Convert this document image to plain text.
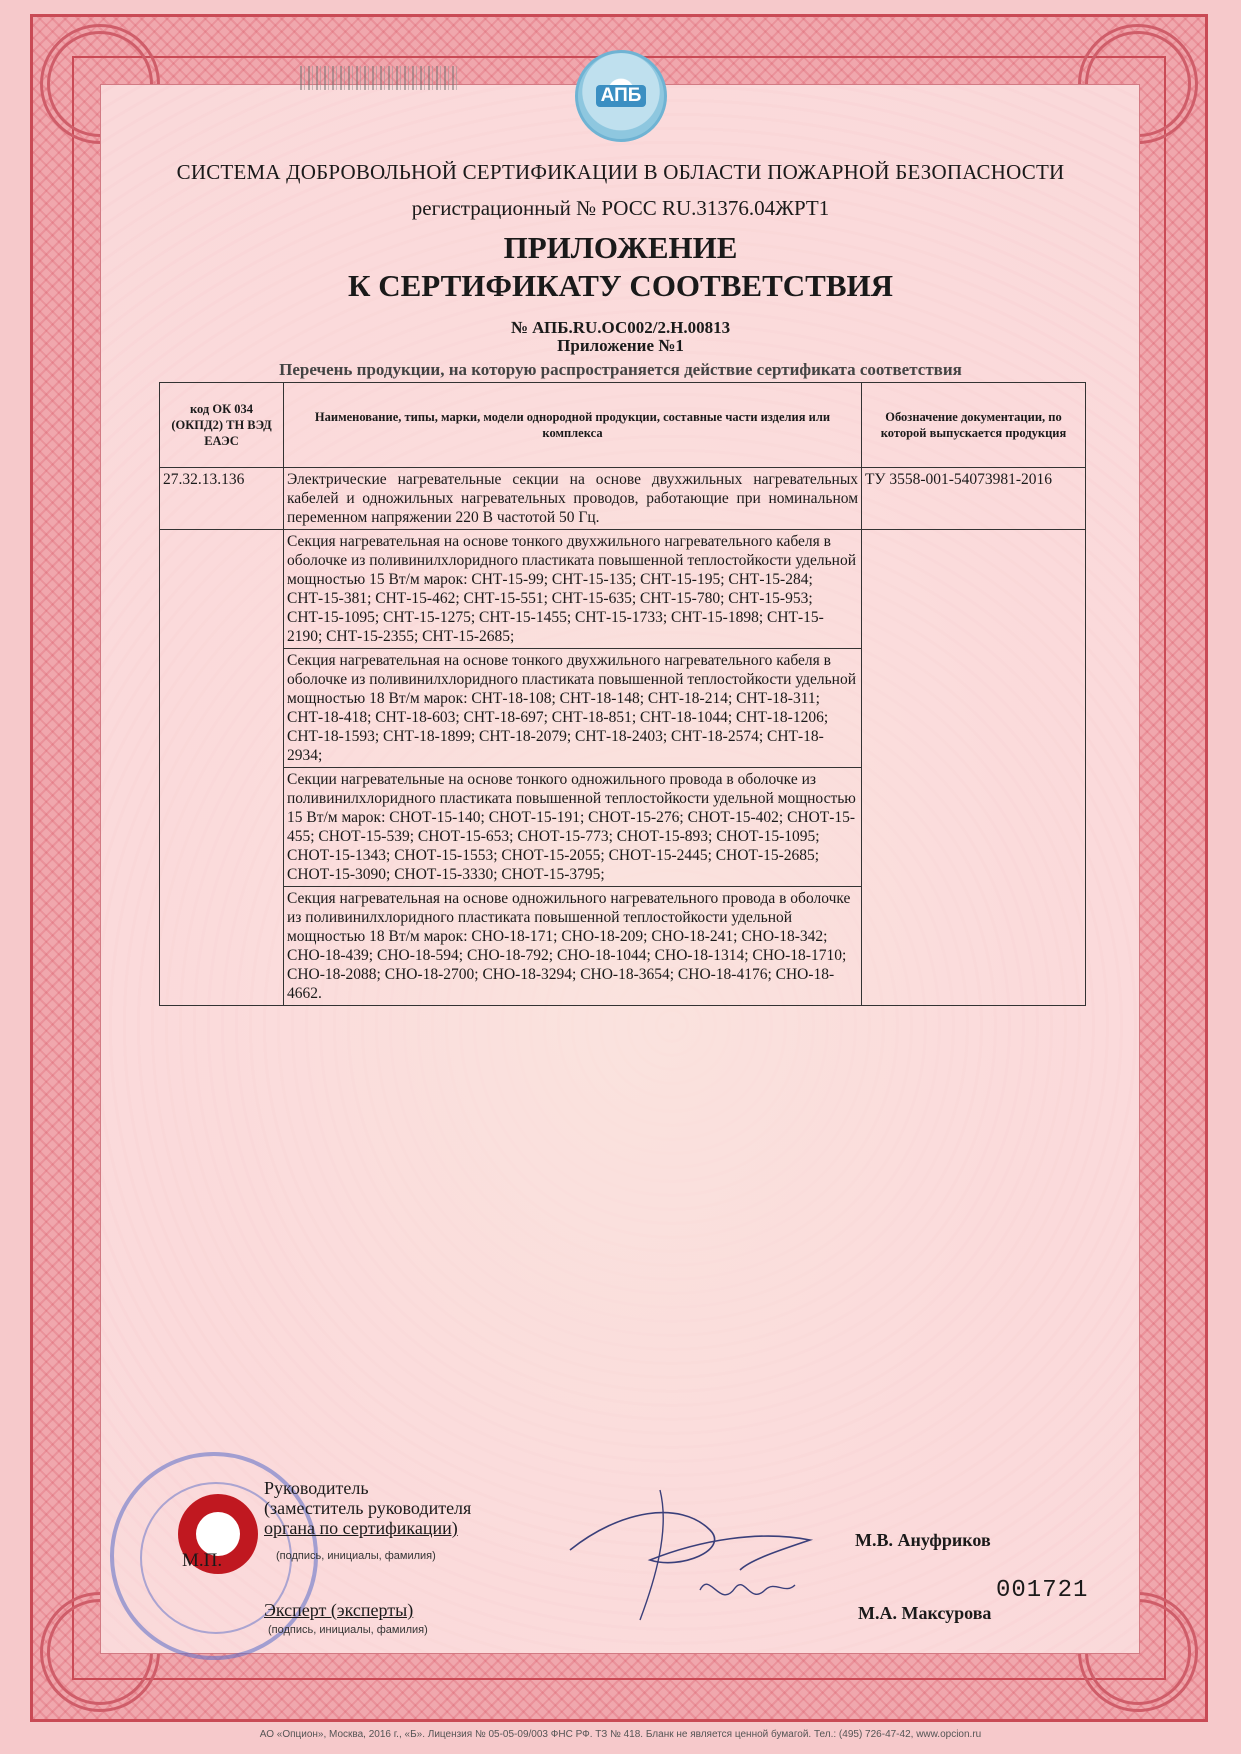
АПБ

СИСТЕМА ДОБРОВОЛЬНОЙ СЕРТИФИКАЦИИ В ОБЛАСТИ ПОЖАРНОЙ БЕЗОПАСНОСТИ

регистрационный № РОСС RU.31376.04ЖРТ1

ПРИЛОЖЕНИЕ

К СЕРТИФИКАТУ СООТВЕТСТВИЯ

№ АПБ.RU.ОС002/2.Н.00813

Приложение №1

Перечень продукции, на которую распространяется действие сертификата соответствия

код ОК 034 (ОКПД2) ТН ВЭД ЕАЭС	Наименование, типы, марки, модели однородной продукции, составные части изделия или комплекса	Обозначение документации, по которой выпускается продукция
27.32.13.136	Электрические нагревательные секции на основе двухжильных нагревательных кабелей и одножильных нагревательных проводов, работающие при номинальном переменном напряжении 220 В частотой 50 Гц.	ТУ 3558-001-54073981-2016
	Секция нагревательная на основе тонкого двухжильного нагревательного кабеля в оболочке из поливинилхлоридного пластиката повышенной теплостойкости удельной мощностью 15 Вт/м марок: СНТ-15-99; СНТ-15-135; СНТ-15-195; СНТ-15-284; СНТ-15-381; СНТ-15-462; СНТ-15-551; СНТ-15-635; СНТ-15-780; СНТ-15-953; СНТ-15-1095; СНТ-15-1275; СНТ-15-1455; СНТ-15-1733; СНТ-15-1898; СНТ-15-2190; СНТ-15-2355; СНТ-15-2685;	
	Секция нагревательная на основе тонкого двухжильного нагревательного кабеля в оболочке из поливинилхлоридного пластиката повышенной теплостойкости удельной мощностью 18 Вт/м марок: СНТ-18-108; СНТ-18-148; СНТ-18-214; СНТ-18-311; СНТ-18-418; СНТ-18-603; СНТ-18-697; СНТ-18-851; СНТ-18-1044; СНТ-18-1206; СНТ-18-1593; СНТ-18-1899; СНТ-18-2079; СНТ-18-2403; СНТ-18-2574; СНТ-18-2934;	
	Секции нагревательные на основе тонкого одножильного провода в оболочке из поливинилхлоридного пластиката повышенной теплостойкости удельной мощностью 15 Вт/м марок: СНОТ-15-140; СНОТ-15-191; СНОТ-15-276; СНОТ-15-402; СНОТ-15-455; СНОТ-15-539; СНОТ-15-653; СНОТ-15-773; СНОТ-15-893; СНОТ-15-1095; СНОТ-15-1343; СНОТ-15-1553; СНОТ-15-2055; СНОТ-15-2445; СНОТ-15-2685; СНОТ-15-3090; СНОТ-15-3330; СНОТ-15-3795;	
	Секция нагревательная на основе одножильного нагревательного провода в оболочке из поливинилхлоридного пластиката повышенной теплостойкости удельной мощностью 18 Вт/м марок: СНО-18-171; СНО-18-209; СНО-18-241; СНО-18-342; СНО-18-439; СНО-18-594; СНО-18-792; СНО-18-1044; СНО-18-1314; СНО-18-1710; СНО-18-2088; СНО-18-2700; СНО-18-3294; СНО-18-3654; СНО-18-4176; СНО-18-4662.	
М.П.
Руководитель
(заместитель руководителя
органа по сертификации)
(подпись, инициалы, фамилия)
М.В. Ануфриков
Эксперт (эксперты)
(подпись, инициалы, фамилия)
М.А. Максурова
001721
АО «Опцион», Москва, 2016 г., «Б». Лицензия № 05-05-09/003 ФНС РФ. ТЗ № 418. Бланк не является ценной бумагой. Тел.: (495) 726-47-42, www.opcion.ru
